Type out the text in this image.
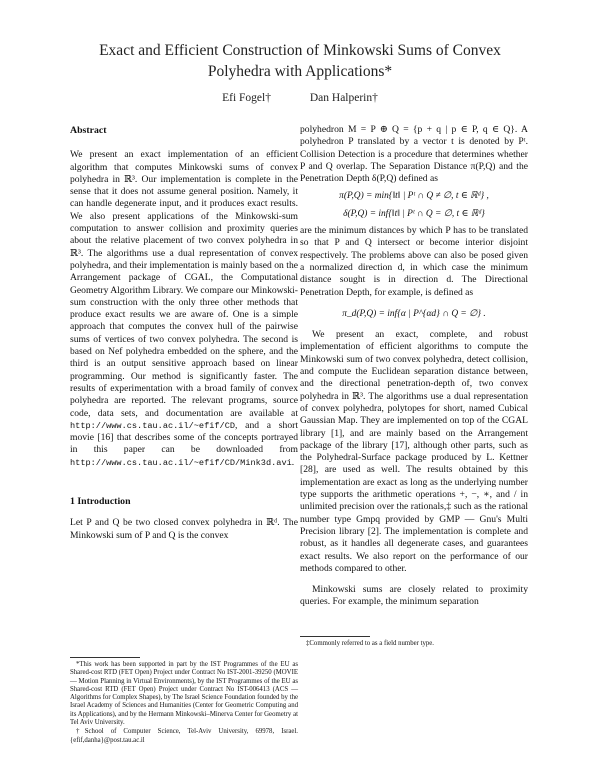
Exact and Efficient Construction of Minkowski Sums of Convex
Polyhedra with Applications*
Efi Fogel†	Dan Halperin†
Abstract

We present an exact implementation of an efficient algorithm that computes Minkowski sums of convex polyhedra in ℝ³. Our implementation is complete in the sense that it does not assume general position. Namely, it can handle degenerate input, and it produces exact results. We also present applications of the Minkowski-sum computation to answer collision and proximity queries about the relative placement of two convex polyhedra in ℝ³. The algorithms use a dual representation of convex polyhedra, and their implementation is mainly based on the Arrangement package of CGAL, the Computational Geometry Algorithm Library. We compare our Minkowski-sum construction with the only three other methods that produce exact results we are aware of. One is a simple approach that computes the convex hull of the pairwise sums of vertices of two convex polyhedra. The second is based on Nef polyhedra embedded on the sphere, and the third is an output sensitive approach based on linear programming. Our method is significantly faster. The results of experimentation with a broad family of convex polyhedra are reported. The relevant programs, source code, data sets, and documentation are available at http://www.cs.tau.ac.il/~efif/CD, and a short movie [16] that describes some of the concepts portrayed in this paper can be downloaded from http://www.cs.tau.ac.il/~efif/CD/Mink3d.avi.

1 Introduction

Let P and Q be two closed convex polyhedra in ℝᵈ. The Minkowski sum of P and Q is the convex

*This work has been supported in part by the IST Programmes of the EU as Shared-cost RTD (FET Open) Project under Contract No IST-2001-39250 (MOVIE — Motion Planning in Virtual Environments), by the IST Programmes of the EU as Shared-cost RTD (FET Open) Project under Contract No IST-006413 (ACS — Algorithms for Complex Shapes), by The Israel Science Foundation founded by the Israel Academy of Sciences and Humanities (Center for Geometric Computing and its Applications), and by the Hermann Minkowski–Minerva Center for Geometry at Tel Aviv University.

†School of Computer Science, Tel-Aviv University, 69978, Israel. {efif,danha}@post.tau.ac.il

polyhedron M = P ⊕ Q = {p + q | p ∈ P, q ∈ Q}. A polyhedron P translated by a vector t is denoted by Pᵗ. Collision Detection is a procedure that determines whether P and Q overlap. The Separation Distance π(P,Q) and the Penetration Depth δ(P,Q) defined as

π(P,Q) = min{‖t‖ | Pᵗ ∩ Q ≠ ∅, t ∈ ℝᵈ} ,
δ(P,Q) = inf{‖t‖ | Pᵗ ∩ Q = ∅, t ∈ ℝᵈ}

are the minimum distances by which P has to be translated so that P and Q intersect or become interior disjoint respectively. The problems above can also be posed given a normalized direction d, in which case the minimum distance sought is in direction d. The Directional Penetration Depth, for example, is defined as

π_d(P,Q) = inf{α | P^{αd} ∩ Q = ∅} .

We present an exact, complete, and robust implementation of efficient algorithms to compute the Minkowski sum of two convex polyhedra, detect collision, and compute the Euclidean separation distance between, and the directional penetration-depth of, two convex polyhedra in ℝ³. The algorithms use a dual representation of convex polyhedra, polytopes for short, named Cubical Gaussian Map. They are implemented on top of the CGAL library [1], and are mainly based on the Arrangement package of the library [17], although other parts, such as the Polyhedral-Surface package produced by L. Kettner [28], are used as well. The results obtained by this implementation are exact as long as the underlying number type supports the arithmetic operations +, −, ∗, and / in unlimited precision over the rationals,‡ such as the rational number type Gmpq provided by GMP — Gnu's Multi Precision library [2]. The implementation is complete and robust, as it handles all degenerate cases, and guarantees exact results. We also report on the performance of our methods compared to other.

Minkowski sums are closely related to proximity queries. For example, the minimum separation

‡Commonly referred to as a field number type.
